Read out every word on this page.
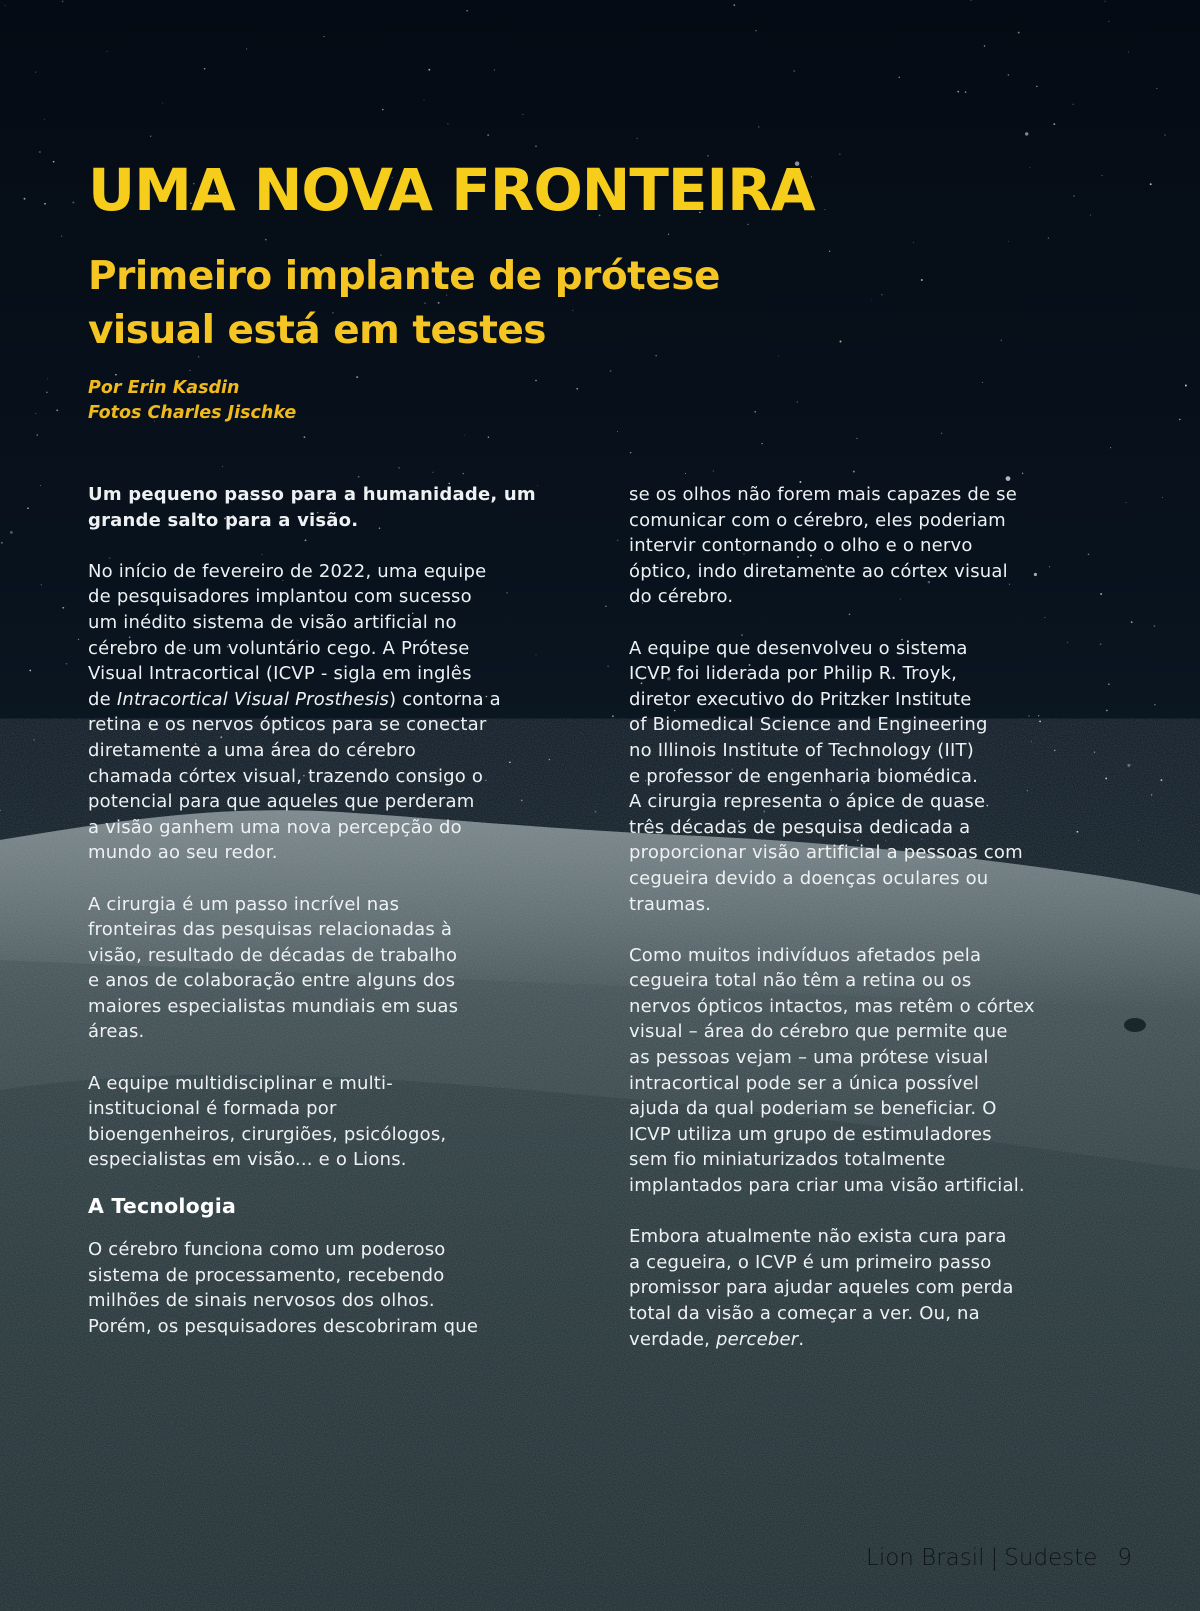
UMA NOVA FRONTEIRA
Primeiro implante de prótese
visual está em testes
Por Erin Kasdin
Fotos Charles Jischke

Um pequeno passo para a humanidade, um
grande salto para a visão.

No início de fevereiro de 2022, uma equipe
de pesquisadores implantou com sucesso
um inédito sistema de visão artificial no
cérebro de um voluntário cego. A Prótese
Visual Intracortical (ICVP - sigla em inglês
de Intracortical Visual Prosthesis) contorna a
retina e os nervos ópticos para se conectar
diretamente a uma área do cérebro
chamada córtex visual, trazendo consigo o
potencial para que aqueles que perderam
a visão ganhem uma nova percepção do
mundo ao seu redor.

A cirurgia é um passo incrível nas
fronteiras das pesquisas relacionadas à
visão, resultado de décadas de trabalho
e anos de colaboração entre alguns dos
maiores especialistas mundiais em suas
áreas.

A equipe multidisciplinar e multi-
institucional é formada por
bioengenheiros, cirurgiões, psicólogos,
especialistas em visão... e o Lions.

A Tecnologia

O cérebro funciona como um poderoso
sistema de processamento, recebendo
milhões de sinais nervosos dos olhos.
Porém, os pesquisadores descobriram que

se os olhos não forem mais capazes de se
comunicar com o cérebro, eles poderiam
intervir contornando o olho e o nervo
óptico, indo diretamente ao córtex visual
do cérebro.

A equipe que desenvolveu o sistema
ICVP foi liderada por Philip R. Troyk,
diretor executivo do Pritzker Institute
of Biomedical Science and Engineering
no Illinois Institute of Technology (IIT)
e professor de engenharia biomédica.
A cirurgia representa o ápice de quase
três décadas de pesquisa dedicada a
proporcionar visão artificial a pessoas com
cegueira devido a doenças oculares ou
traumas.

Como muitos indivíduos afetados pela
cegueira total não têm a retina ou os
nervos ópticos intactos, mas retêm o córtex
visual – área do cérebro que permite que
as pessoas vejam – uma prótese visual
intracortical pode ser a única possível
ajuda da qual poderiam se beneficiar. O
ICVP utiliza um grupo de estimuladores
sem fio miniaturizados totalmente
implantados para criar uma visão artificial.

Embora atualmente não exista cura para
a cegueira, o ICVP é um primeiro passo
promissor para ajudar aqueles com perda
total da visão a começar a ver. Ou, na
verdade, perceber.

Lion Brasil | Sudeste 9
